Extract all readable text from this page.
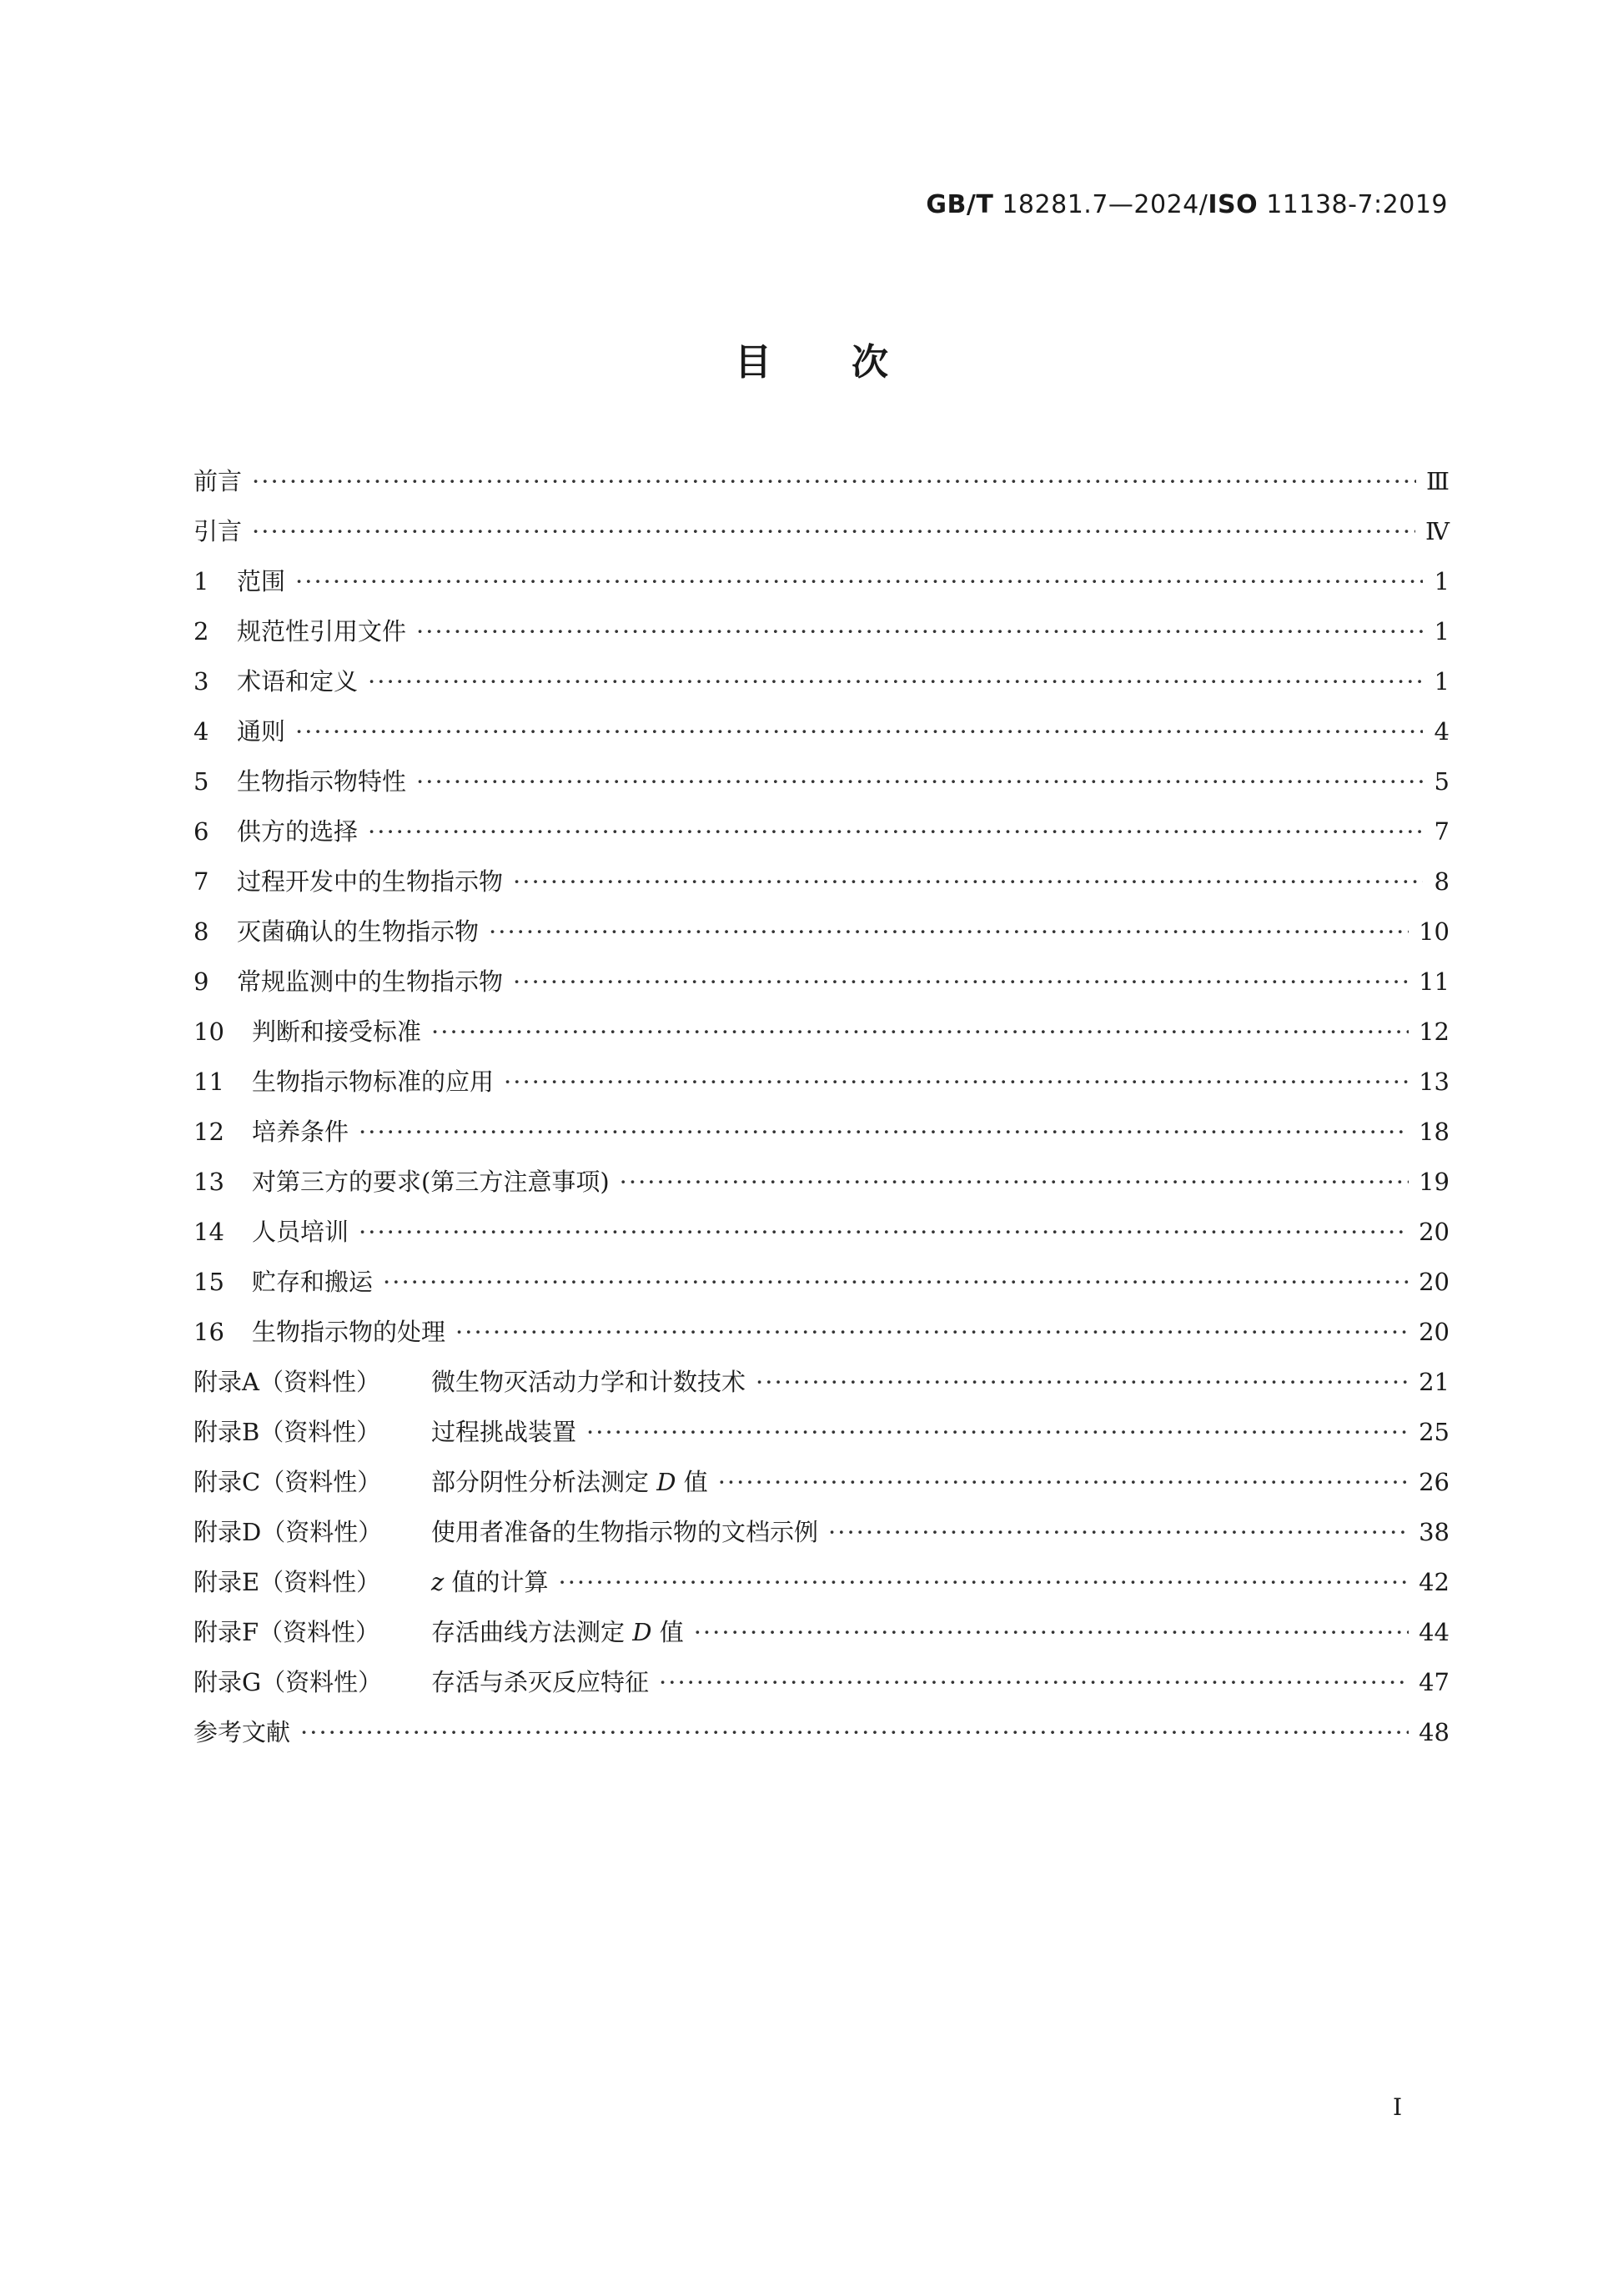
GB/T 18281.7—2024/ISO 11138-7:2019
目次
前言 ·····	Ⅲ
引言 ·····	Ⅳ
1	范围 ·····	1
2	规范性引用文件 ·····	1
3	术语和定义 ·····	1
4	通则 ·····	4
5	生物指示物特性 ·····	5
6	供方的选择 ·····	7
7	过程开发中的生物指示物 ·····	8
8	灭菌确认的生物指示物 ·····	10
9	常规监测中的生物指示物 ·····	11
10	判断和接受标准 ·····	12
11	生物指示物标准的应用 ·····	13
12	培养条件 ·····	18
13	对第三方的要求(第三方注意事项) ·····	19
14	人员培训 ·····	20
15	贮存和搬运 ·····	20
16	生物指示物的处理 ·····	20
附录A（资料性）	微生物灭活动力学和计数技术 ·····	21
附录B（资料性）	过程挑战装置 ·····	25
附录C（资料性）	部分阴性分析法测定 D 值 ·····	26
附录D（资料性）	使用者准备的生物指示物的文档示例 ·····	38
附录E（资料性）	z 值的计算 ·····	42
附录F（资料性）	存活曲线方法测定 D 值 ·····	44
附录G（资料性）	存活与杀灭反应特征 ·····	47
参考文献 ·····	48
I
